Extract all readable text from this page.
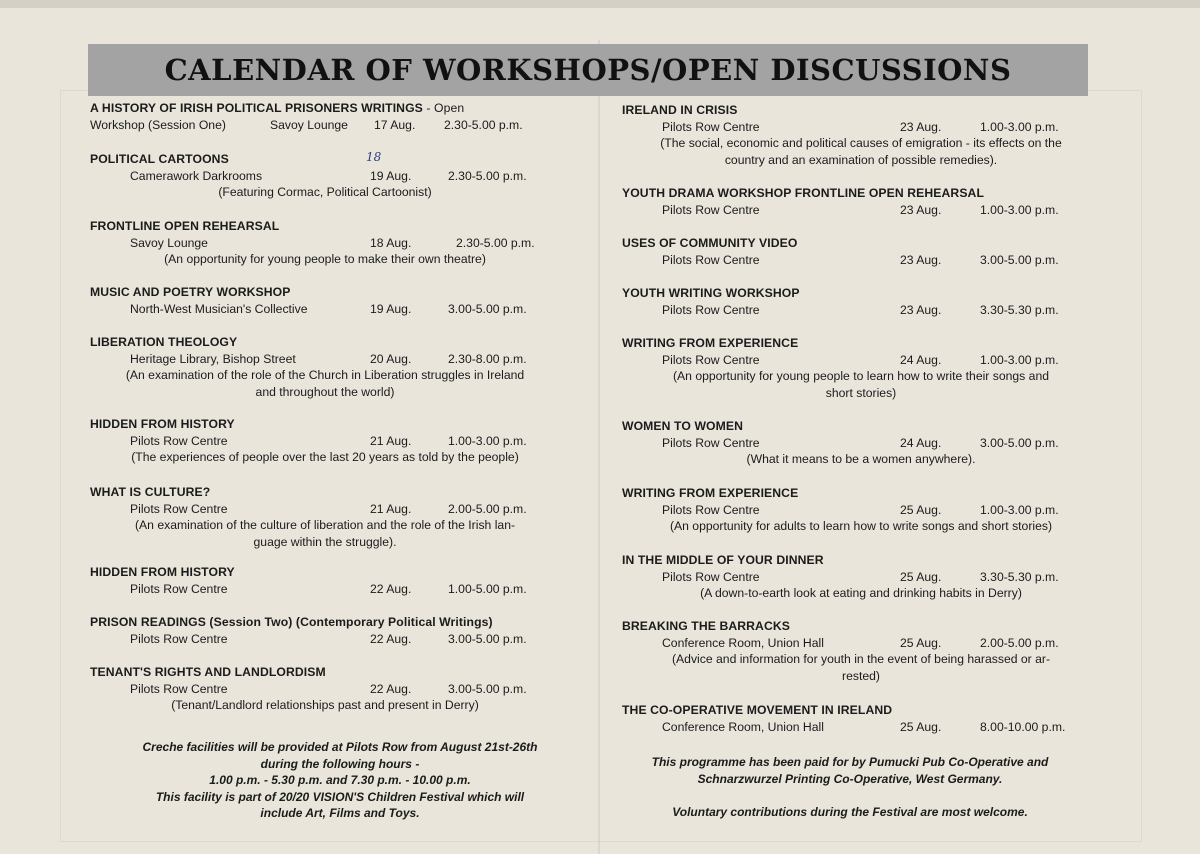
CALENDAR OF WORKSHOPS/OPEN DISCUSSIONS
A HISTORY OF IRISH POLITICAL PRISONERS WRITINGS - Open
Workshop (Session One)	Savoy Lounge 17 Aug. 2.30-5.00 p.m.
POLITICAL CARTOONS
Camerawork Darkrooms	19 Aug.	2.30-5.00 p.m.
(Featuring Cormac, Political Cartoonist)
FRONTLINE OPEN REHEARSAL
Savoy Lounge	18 Aug.	2.30-5.00 p.m.
(An opportunity for young people to make their own theatre)
MUSIC AND POETRY WORKSHOP
North-West Musician's Collective	19 Aug.	3.00-5.00 p.m.
LIBERATION THEOLOGY
Heritage Library, Bishop Street	20 Aug.	2.30-8.00 p.m.
(An examination of the role of the Church in Liberation struggles in Ireland
and throughout the world)
HIDDEN FROM HISTORY
Pilots Row Centre	21 Aug.	1.00-3.00 p.m.
(The experiences of people over the last 20 years as told by the people)
WHAT IS CULTURE?
Pilots Row Centre	21 Aug.	2.00-5.00 p.m.
(An examination of the culture of liberation and the role of the Irish lan-
guage within the struggle).
HIDDEN FROM HISTORY
Pilots Row Centre	22 Aug.	1.00-5.00 p.m.
PRISON READINGS (Session Two) (Contemporary Political Writings)
Pilots Row Centre	22 Aug.	3.00-5.00 p.m.
TENANT'S RIGHTS AND LANDLORDISM
Pilots Row Centre	22 Aug.	3.00-5.00 p.m.
(Tenant/Landlord relationships past and present in Derry)
18
Creche facilities will be provided at Pilots Row from August 21st-26th
during the following hours -
1.00 p.m. - 5.30 p.m. and 7.30 p.m. - 10.00 p.m.
This facility is part of 20/20 VISION'S Children Festival which will
include Art, Films and Toys.
IRELAND IN CRISIS
Pilots Row Centre	23 Aug.	1.00-3.00 p.m.
(The social, economic and political causes of emigration - its effects on the
country and an examination of possible remedies).
YOUTH DRAMA WORKSHOP FRONTLINE OPEN REHEARSAL
Pilots Row Centre	23 Aug.	1.00-3.00 p.m.
USES OF COMMUNITY VIDEO
Pilots Row Centre	23 Aug.	3.00-5.00 p.m.
YOUTH WRITING WORKSHOP
Pilots Row Centre	23 Aug.	3.30-5.30 p.m.
WRITING FROM EXPERIENCE
Pilots Row Centre	24 Aug.	1.00-3.00 p.m.
(An opportunity for young people to learn how to write their songs and
short stories)
WOMEN TO WOMEN
Pilots Row Centre	24 Aug.	3.00-5.00 p.m.
(What it means to be a women anywhere).
WRITING FROM EXPERIENCE
Pilots Row Centre	25 Aug.	1.00-3.00 p.m.
(An opportunity for adults to learn how to write songs and short stories)
IN THE MIDDLE OF YOUR DINNER
Pilots Row Centre	25 Aug.	3.30-5.30 p.m.
(A down-to-earth look at eating and drinking habits in Derry)
BREAKING THE BARRACKS
Conference Room, Union Hall	25 Aug.	2.00-5.00 p.m.
(Advice and information for youth in the event of being harassed or ar-
rested)
THE CO-OPERATIVE MOVEMENT IN IRELAND
Conference Room, Union Hall	25 Aug.	8.00-10.00 p.m.
This programme has been paid for by Pumucki Pub Co-Operative and
Schnarzwurzel Printing Co-Operative, West Germany.
Voluntary contributions during the Festival are most welcome.
